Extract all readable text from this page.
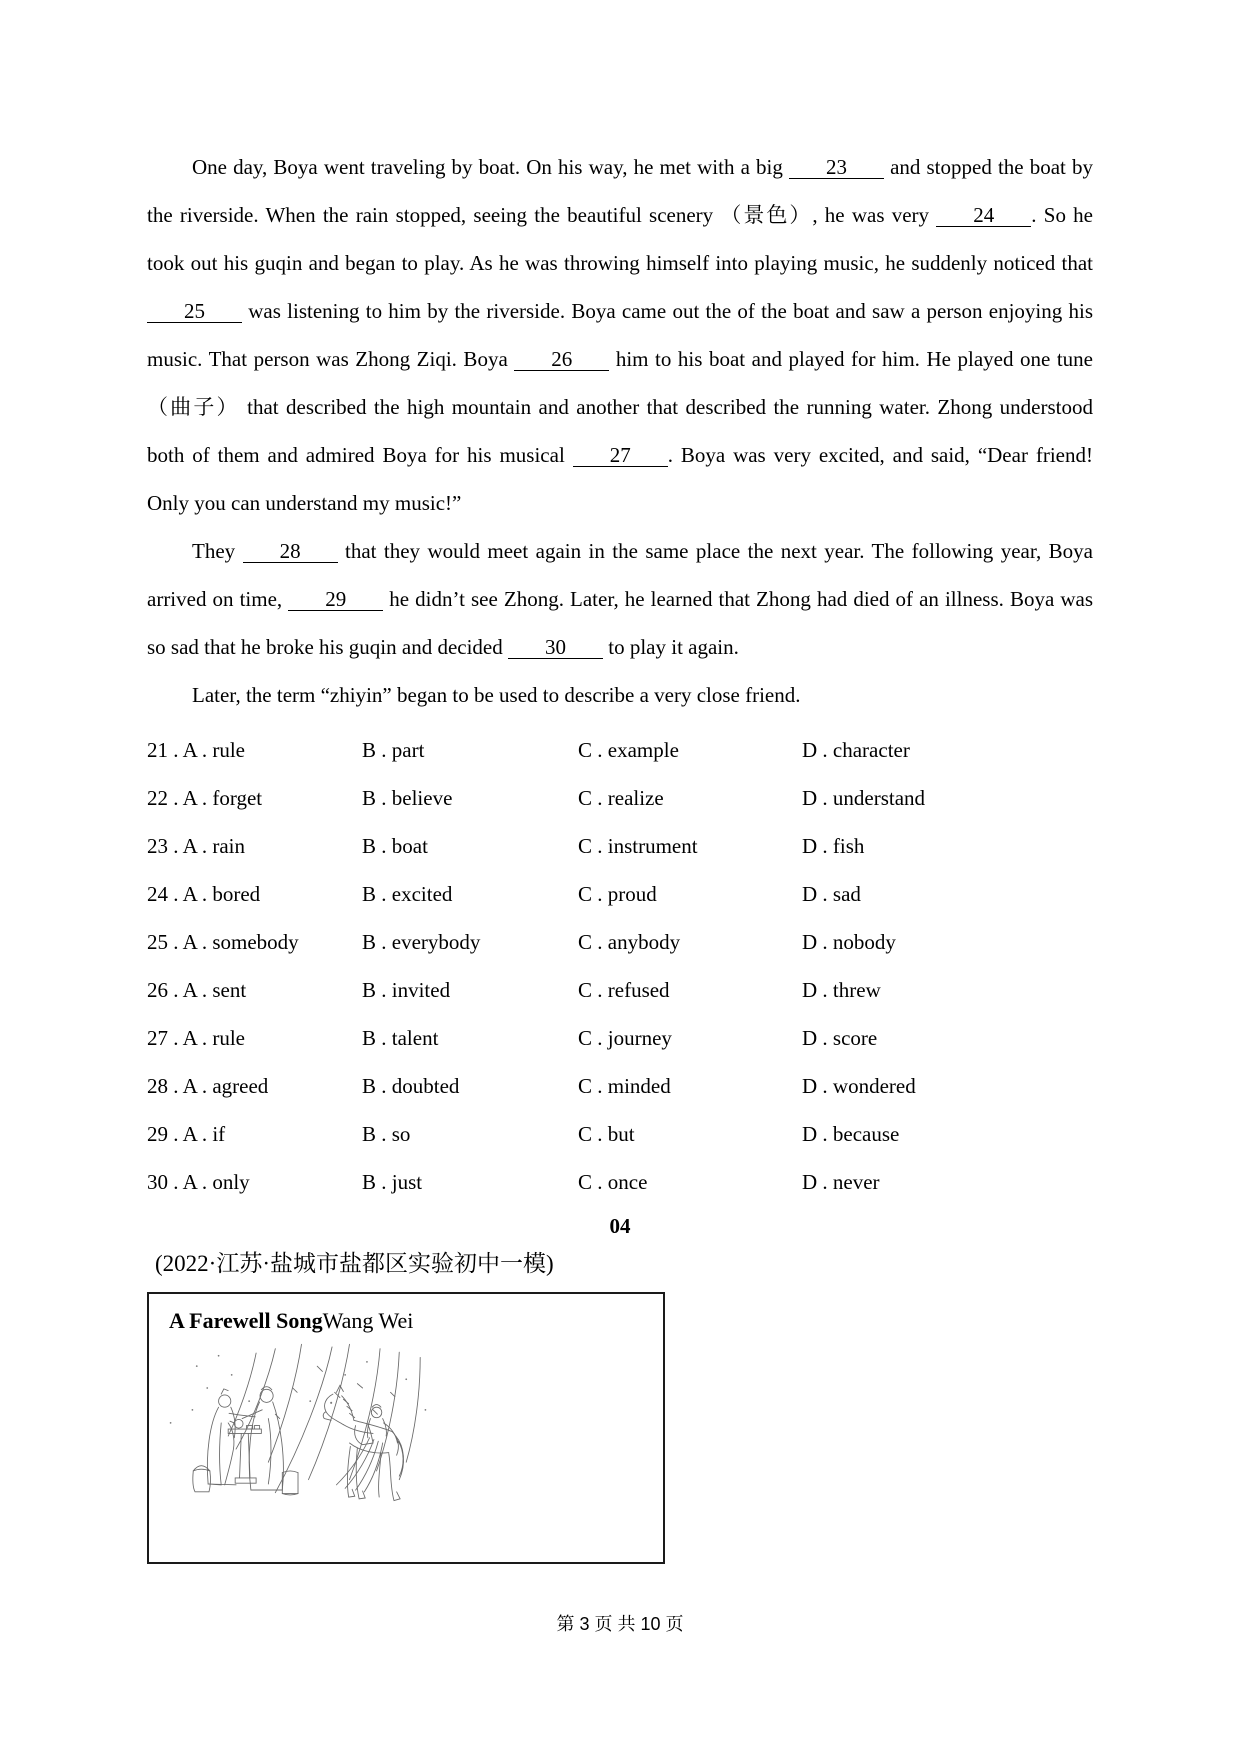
One day, Boya went traveling by boat. On his way, he met with a big 23 and stopped the boat by the riverside. When the rain stopped, seeing the beautiful scenery （景色）, he was very 24 . So he took out his guqin and began to play. As he was throwing himself into playing music, he suddenly noticed that 25 was listening to him by the riverside. Boya came out the of the boat and saw a person enjoying his music. That person was Zhong Ziqi. Boya 26 him to his boat and played for him. He played one tune （曲子） that described the high mountain and another that described the running water. Zhong understood both of them and admired Boya for his musical 27 . Boya was very excited, and said, “Dear friend! Only you can understand my music!”

They 28 that they would meet again in the same place the next year. The following year, Boya arrived on time, 29 he didn’t see Zhong. Later, he learned that Zhong had died of an illness. Boya was so sad that he broke his guqin and decided 30 to play it again.

Later, the term “zhiyin” began to be used to describe a very close friend.

21 . A . rule	B . part	C . example	D . character
22 . A . forget	B . believe	C . realize	D . understand
23 . A . rain	B . boat	C . instrument	D . fish
24 . A . bored	B . excited	C . proud	D . sad
25 . A . somebody	B . everybody	C . anybody	D . nobody
26 . A . sent	B . invited	C . refused	D . threw
27 . A . rule	B . talent	C . journey	D . score
28 . A . agreed	B . doubted	C . minded	D . wondered
29 . A . if	B . so	C . but	D . because
30 . A . only	B . just	C . once	D . never
04
(2022·江苏·盐城市盐都区实验初中一模)
A Farewell SongWang Wei
第 3 页 共 10 页
